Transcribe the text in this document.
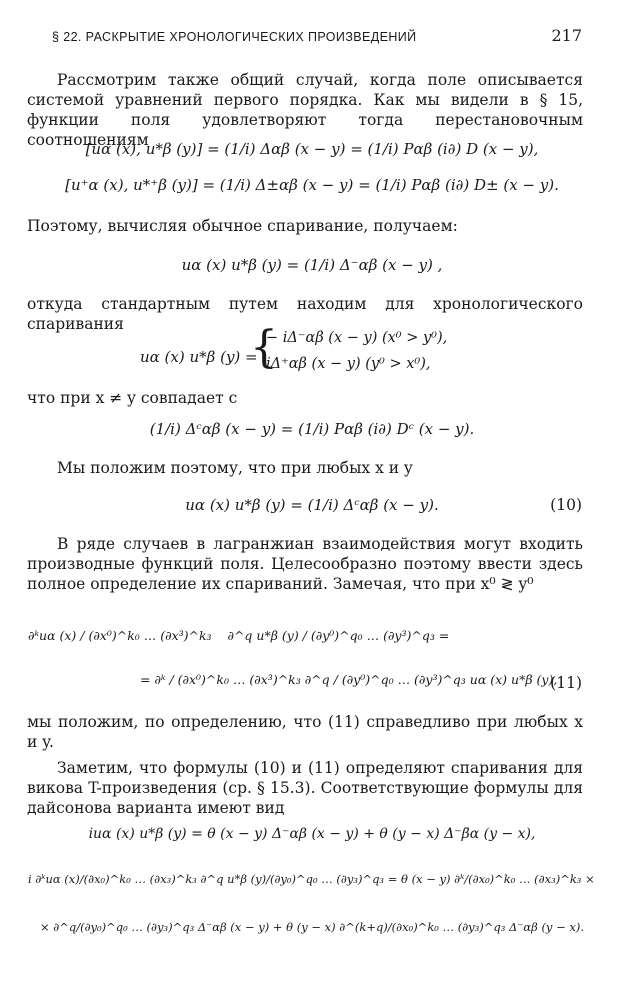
§ 22. РАСКРЫТИЕ ХРОНОЛОГИЧЕСКИХ ПРОИЗВЕДЕНИЙ	217

Рассмотрим также общий случай, когда поле описывается системой уравнений первого порядка. Как мы видели в § 15, функции поля удовлетворяют тогда перестановочным соотношениям

[uα (x), u*β (y)] = (1/i) Δαβ (x − y) = (1/i) Pαβ (i∂) D (x − y),
[u⁺α (x), u*⁺β (y)] = (1/i) Δ±αβ (x − y) = (1/i) Pαβ (i∂) D± (x − y).

Поэтому, вычисляя обычное спаривание, получаем:

uα (x) u*β (y) = (1/i) Δ⁻αβ (x − y) ,

откуда стандартным путем находим для хронологического спаривания

uα (x) u*β (y) =
{
− iΔ⁻αβ (x − y) (x⁰ > y⁰),
iΔ⁺αβ (x − y) (y⁰ > x⁰),

что при x ≠ y совпадает с

(1/i) Δᶜαβ (x − y) = (1/i) Pαβ (i∂) Dᶜ (x − y).

Мы положим поэтому, что при любых x и y

uα (x) u*β (y) = (1/i) Δᶜαβ (x − y).	(10)

В ряде случаев в лагранжиан взаимодействия могут входить производные функций поля. Целесообразно поэтому ввести здесь полное определение их спариваний. Замечая, что при x⁰ ≷ y⁰

∂ᵏuα (x) / (∂x⁰)^k₀ … (∂x³)^k₃ ∂^q u*β (y) / (∂y⁰)^q₀ … (∂y³)^q₃ =
= ∂ᵏ / (∂x⁰)^k₀ … (∂x³)^k₃ ∂^q / (∂y⁰)^q₀ … (∂y³)^q₃ uα (x) u*β (y),
(11)

мы положим, по определению, что (11) справедливо при любых x и y.

Заметим, что формулы (10) и (11) определяют спаривания для викова T-произведения (ср. § 15.3). Соответствующие формулы для дайсонова варианта имеют вид

iuα (x) u*β (y) = θ (x − y) Δ⁻αβ (x − y) + θ (y − x) Δ⁻β̄α (y − x),
i ∂ᵏuα (x)/(∂x₀)^k₀ … (∂x₃)^k₃ ∂^q u*β (y)/(∂y₀)^q₀ … (∂y₃)^q₃ = θ (x − y) ∂ᵏ/(∂x₀)^k₀ … (∂x₃)^k₃ ×
× ∂^q/(∂y₀)^q₀ … (∂y₃)^q₃ Δ⁻αβ (x − y) + θ (y − x) ∂^(k+q)/(∂x₀)^k₀ … (∂y₃)^q₃ Δ⁻αβ (y − x).
